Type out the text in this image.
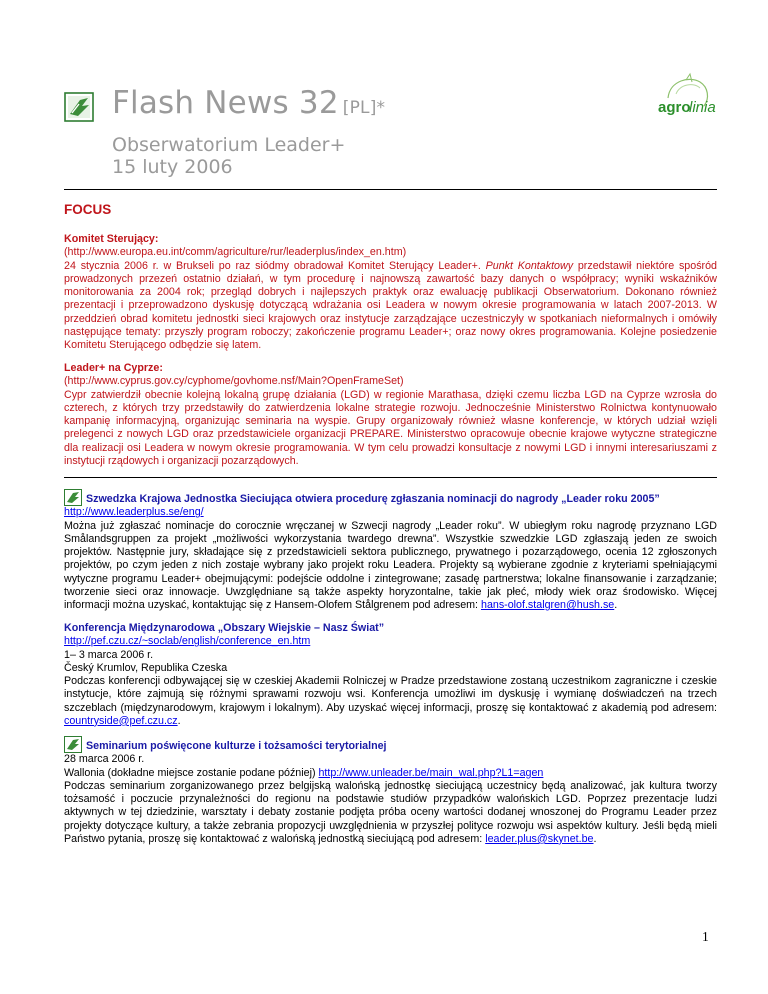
Flash News 32 [PL]*
Obserwatorium Leader+
15 luty 2006
agro
linia
FOCUS
Komitet Sterujący:
(http://www.europa.eu.int/comm/agriculture/rur/leaderplus/index_en.htm)

24 stycznia 2006 r. w Brukseli po raz siódmy obradował Komitet Sterujący Leader+. Punkt Kontaktowy przedstawił niektóre spośród prowadzonych przezeń ostatnio działań, w tym procedurę i najnowszą zawartość bazy danych o współpracy; wyniki wskaźników monitorowania za 2004 rok; przegląd dobrych i najlepszych praktyk oraz ewaluację publikacji Obserwatorium. Dokonano również prezentacji i przeprowadzono dyskusję dotyczącą wdrażania osi Leadera w nowym okresie programowania w latach 2007-2013. W przeddzień obrad komitetu jednostki sieci krajowych oraz instytucje zarządzające uczestniczyły w spotkaniach nieformalnych i omówiły następujące tematy: przyszły program roboczy; zakończenie programu Leader+; oraz nowy okres programowania. Kolejne posiedzenie Komitetu Sterującego odbędzie się latem.

Leader+ na Cyprze:
(http://www.cyprus.gov.cy/cyphome/govhome.nsf/Main?OpenFrameSet)

Cypr zatwierdził obecnie kolejną lokalną grupę działania (LGD) w regionie Marathasa, dzięki czemu liczba LGD na Cyprze wzrosła do czterech, z których trzy przedstawiły do zatwierdzenia lokalne strategie rozwoju. Jednocześnie Ministerstwo Rolnictwa kontynuowało kampanię informacyjną, organizując seminaria na wyspie. Grupy organizowały również własne konferencje, w których udział wzięli prelegenci z nowych LGD oraz przedstawiciele organizacji PREPARE. Ministerstwo opracowuje obecnie krajowe wytyczne strategiczne dla realizacji osi Leadera w nowym okresie programowania. W tym celu prowadzi konsultacje z nowymi LGD i innymi interesariuszami z instytucji rządowych i organizacji pozarządowych.

Szwedzka Krajowa Jednostka Sieciująca otwiera procedurę zgłaszania nominacji do nagrody „Leader roku 2005”
http://www.leaderplus.se/eng/

Można już zgłaszać nominacje do corocznie wręczanej w Szwecji nagrody „Leader roku”. W ubiegłym roku nagrodę przyznano LGD Smålandsgruppen za projekt „możliwości wykorzystania twardego drewna”. Wszystkie szwedzkie LGD zgłaszają jeden ze swoich projektów. Następnie jury, składające się z przedstawicieli sektora publicznego, prywatnego i pozarządowego, ocenia 12 zgłoszonych projektów, po czym jeden z nich zostaje wybrany jako projekt roku Leadera. Projekty są wybierane zgodnie z kryteriami spełniającymi wytyczne programu Leader+ obejmującymi: podejście oddolne i zintegrowane; zasadę partnerstwa; lokalne finansowanie i zarządzanie; tworzenie sieci oraz innowacje. Uwzględniane są także aspekty horyzontalne, takie jak płeć, młody wiek oraz środowisko. Więcej informacji można uzyskać, kontaktując się z Hansem-Olofem Stålgrenem pod adresem: hans-olof.stalgren@hush.se.

Konferencja Międzynarodowa „Obszary Wiejskie – Nasz Świat”
http://pef.czu.cz/~soclab/english/conference_en.htm
1– 3 marca 2006 r.
Český Krumlov, Republika Czeska

Podczas konferencji odbywającej się w czeskiej Akademii Rolniczej w Pradze przedstawione zostaną uczestnikom zagraniczne i czeskie instytucje, które zajmują się różnymi sprawami rozwoju wsi. Konferencja umożliwi im dyskusję i wymianę doświadczeń na trzech szczeblach (międzynarodowym, krajowym i lokalnym). Aby uzyskać więcej informacji, proszę się kontaktować z akademią pod adresem: countryside@pef.czu.cz.

Seminarium poświęcone kulturze i tożsamości terytorialnej
28 marca 2006 r.
Wallonia (dokładne miejsce zostanie podane później) http://www.unleader.be/main_wal.php?L1=agen

Podczas seminarium zorganizowanego przez belgijską walońską jednostkę sieciującą uczestnicy będą analizować, jak kultura tworzy tożsamość i poczucie przynależności do regionu na podstawie studiów przypadków walońskich LGD. Poprzez prezentacje ludzi aktywnych w tej dziedzinie, warsztaty i debaty zostanie podjęta próba oceny wartości dodanej wnoszonej do Programu Leader przez projekty dotyczące kultury, a także zebrania propozycji uwzględnienia w przyszłej polityce rozwoju wsi aspektów kultury. Jeśli będą mieli Państwo pytania, proszę się kontaktować z walońską jednostką sieciującą pod adresem: leader.plus@skynet.be.

1
